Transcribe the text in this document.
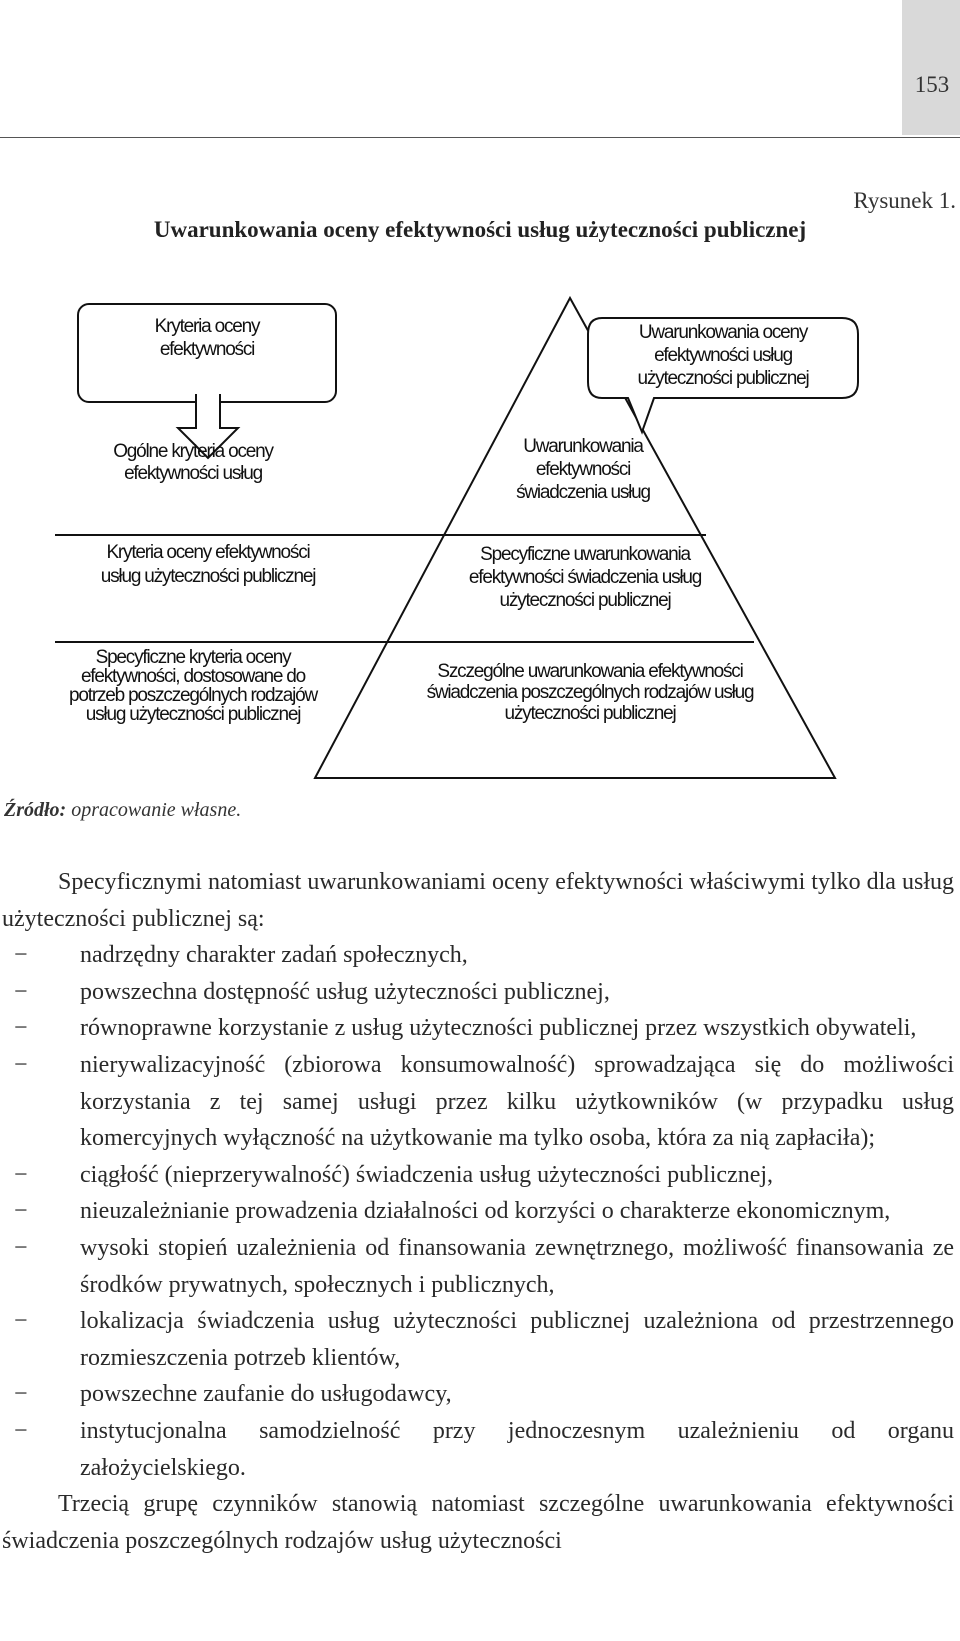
153
Rysunek 1.
Uwarunkowania oceny efektywności usług użyteczności publicznej
Kryteria oceny
efektywności
Uwarunkowania oceny
efektywności usług
użyteczności publicznej
Ogólne kryteria oceny
efektywności usług
Kryteria oceny efektywności
usług użyteczności publicznej
Specyficzne kryteria oceny
efektywności, dostosowane do
potrzeb poszczególnych rodzajów
usług użyteczności publicznej
Uwarunkowania
efektywności
świadczenia usług
Specyficzne uwarunkowania
efektywności świadczenia usług
użyteczności publicznej
Szczególne uwarunkowania efektywności
świadczenia poszczególnych rodzajów usług
użyteczności publicznej
Źródło: opracowanie własne.

Specyficznymi natomiast uwarunkowaniami oceny efektywności właściwymi tylko dla usług użyteczności publicznej są:

− nadrzędny charakter zadań społecznych,
− powszechna dostępność usług użyteczności publicznej,
− równoprawne korzystanie z usług użyteczności publicznej przez wszystkich obywateli,
− nierywalizacyjność (zbiorowa konsumowalność) sprowadzająca się do możliwości korzystania z tej samej usługi przez kilku użytkowników (w przypadku usług komercyjnych wyłączność na użytkowanie ma tylko osoba, która za nią zapłaciła);
− ciągłość (nieprzerywalność) świadczenia usług użyteczności publicznej,
− nieuzależnianie prowadzenia działalności od korzyści o charakterze ekonomicznym,
− wysoki stopień uzależnienia od finansowania zewnętrznego, możliwość finansowania ze środków prywatnych, społecznych i publicznych,
− lokalizacja świadczenia usług użyteczności publicznej uzależniona od przestrzennego rozmieszczenia potrzeb klientów,
− powszechne zaufanie do usługodawcy,
− instytucjonalna samodzielność przy jednoczesnym uzależnieniu od organu założycielskiego.

Trzecią grupę czynników stanowią natomiast szczególne uwarunkowania efektywności świadczenia poszczególnych rodzajów usług użyteczności
